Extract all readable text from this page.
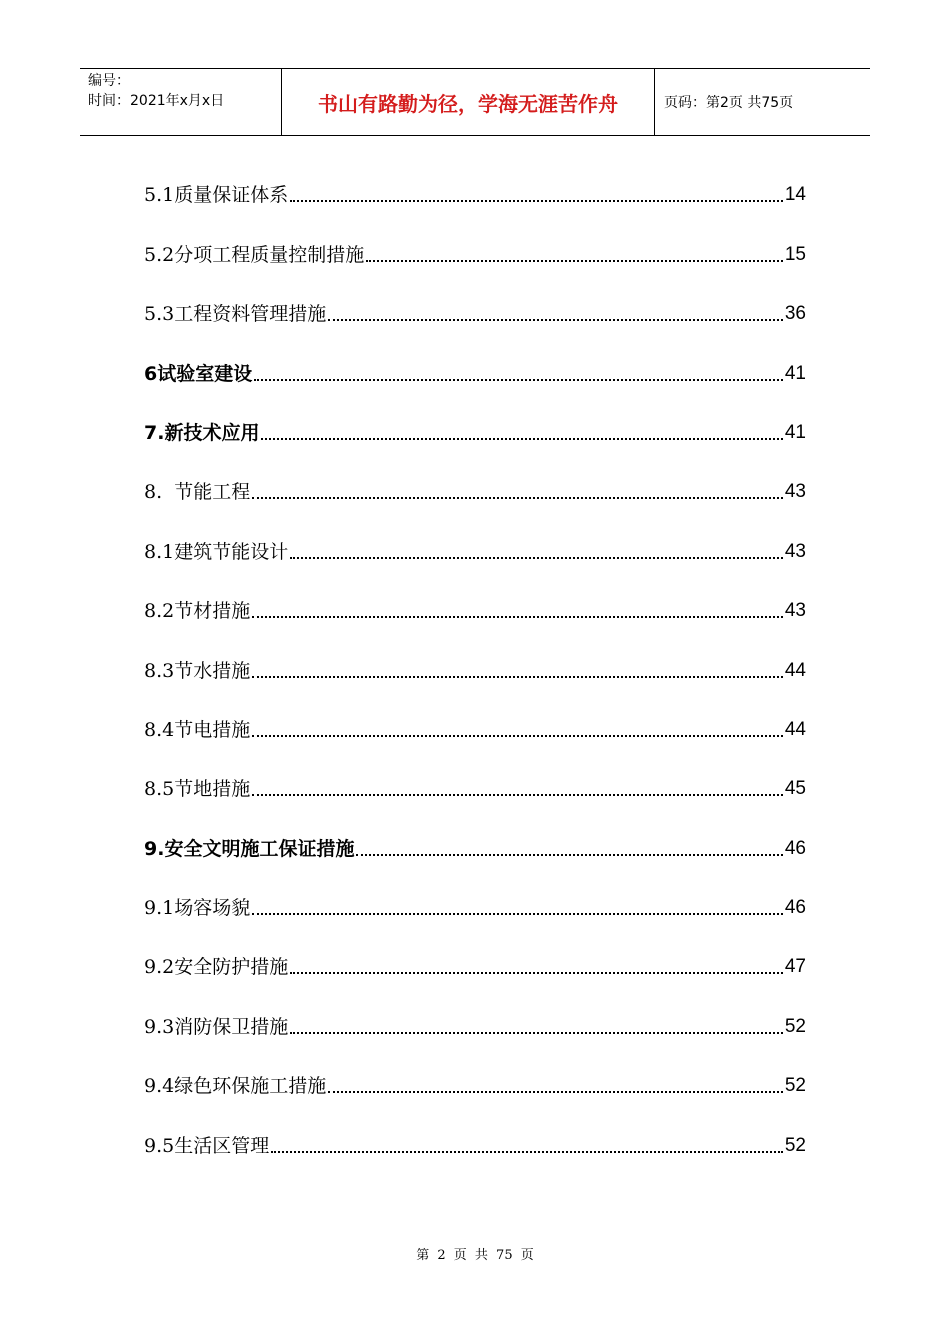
编号：
时间：2021年x月x日	书山有路勤为径，学海无涯苦作舟	页码：第2页 共75页
5.1质量保证体系	14
5.2分项工程质量控制措施	15
5.3工程资料管理措施	36
6试验室建设	41
7.新技术应用	41
8.  节能工程	43
8.1建筑节能设计	43
8.2节材措施	43
8.3节水措施	44
8.4节电措施	44
8.5节地措施	45
9.安全文明施工保证措施	46
9.1场容场貌	46
9.2安全防护措施	47
9.3消防保卫措施	52
9.4绿色环保施工措施	52
9.5生活区管理	52
第 2 页 共 75 页
